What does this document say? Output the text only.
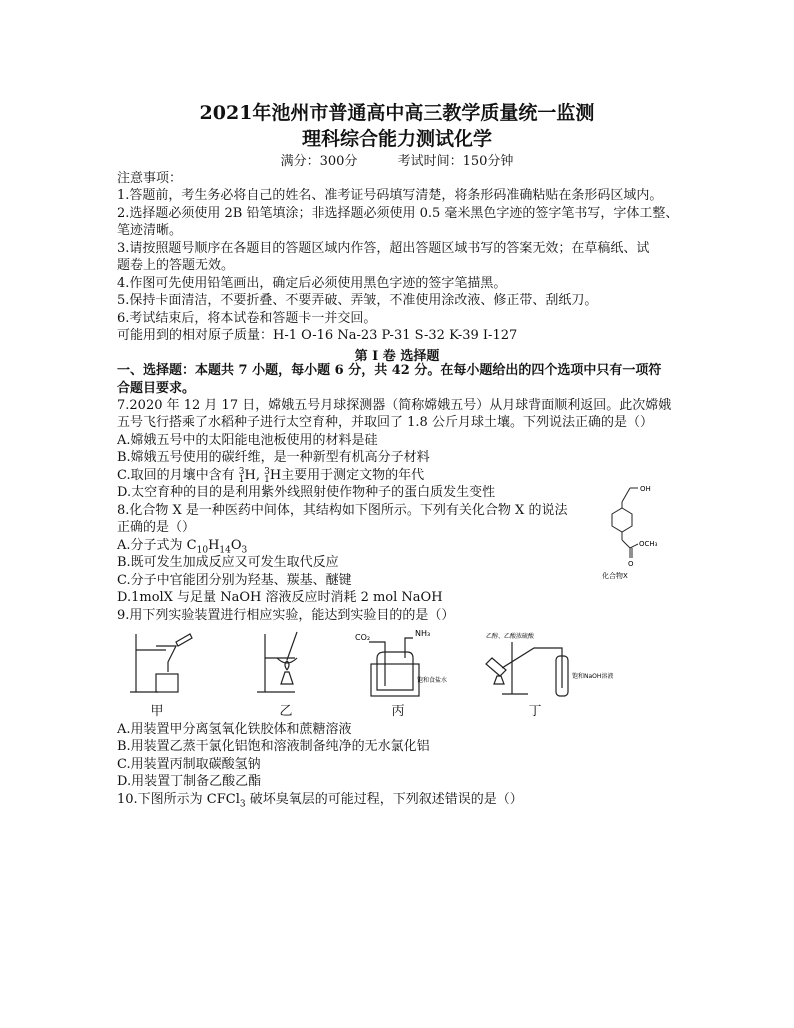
2021年池州市普通高中高三教学质量统一监测
理科综合能力测试化学
满分：300分	考试时间：150分钟
注意事项：
1.答题前，考生务必将自己的姓名、准考证号码填写清楚，将条形码准确粘贴在条形码区域内。
2.选择题必须使用 2B 铅笔填涂；非选择题必须使用 0.5 毫米黑色字迹的签字笔书写，字体工整、
笔迹清晰。
3.请按照题号顺序在各题目的答题区域内作答，超出答题区域书写的答案无效；在草稿纸、试
题卷上的答题无效。
4.作图可先使用铅笔画出，确定后必须使用黑色字迹的签字笔描黑。
5.保持卡面清洁，不要折叠、不要弄破、弄皱，不准使用涂改液、修正带、刮纸刀。
6.考试结束后，将本试卷和答题卡一并交回。
可能用到的相对原子质量：H-1 O-16 Na-23 P-31 S-32 K-39 I-127
第 I 卷 选择题
一、选择题：本题共 7 小题，每小题 6 分，共 42 分。在每小题给出的四个选项中只有一项符
合题目要求。
7.2020 年 12 月 17 日，嫦娥五号月球探测器（简称嫦娥五号）从月球背面顺利返回。此次嫦娥
五号飞行搭乘了水稻种子进行太空育种，并取回了 1.8 公斤月球土壤。下列说法正确的是（）
A.嫦娥五号中的太阳能电池板使用的材料是硅
B.嫦娥五号使用的碳纤维，是一种新型有机高分子材料
C.取回的月壤中含有 3
1H, 3
1H主要用于测定文物的年代
D.太空育种的目的是利用紫外线照射使作物种子的蛋白质发生变性
8.化合物 X 是一种医药中间体，其结构如下图所示。下列有关化合物 X 的说法
正确的是（）
A.分子式为 $C_{10}H_{14}O_3$
B.既可发生加成反应又可发生取代反应
C.分子中官能团分别为羟基、羰基、醚键
D.1molX 与足量 NaOH 溶液反应时消耗 2 mol NaOH
OH
OCH₃
O
化合物X
9.用下列实验装置进行相应实验，能达到实验目的的是（）
甲	乙
CO₂	NH₃
饱和食盐水
丙
乙醇、乙酸浓硫酸
饱和NaOH溶液
丁
A.用装置甲分离氢氧化铁胶体和蔗糖溶液
B.用装置乙蒸干氯化铝饱和溶液制备纯净的无水氯化铝
C.用装置丙制取碳酸氢钠
D.用装置丁制备乙酸乙酯
10.下图所示为 CFCl$_3$ 破坏臭氧层的可能过程，下列叙述错误的是（）
